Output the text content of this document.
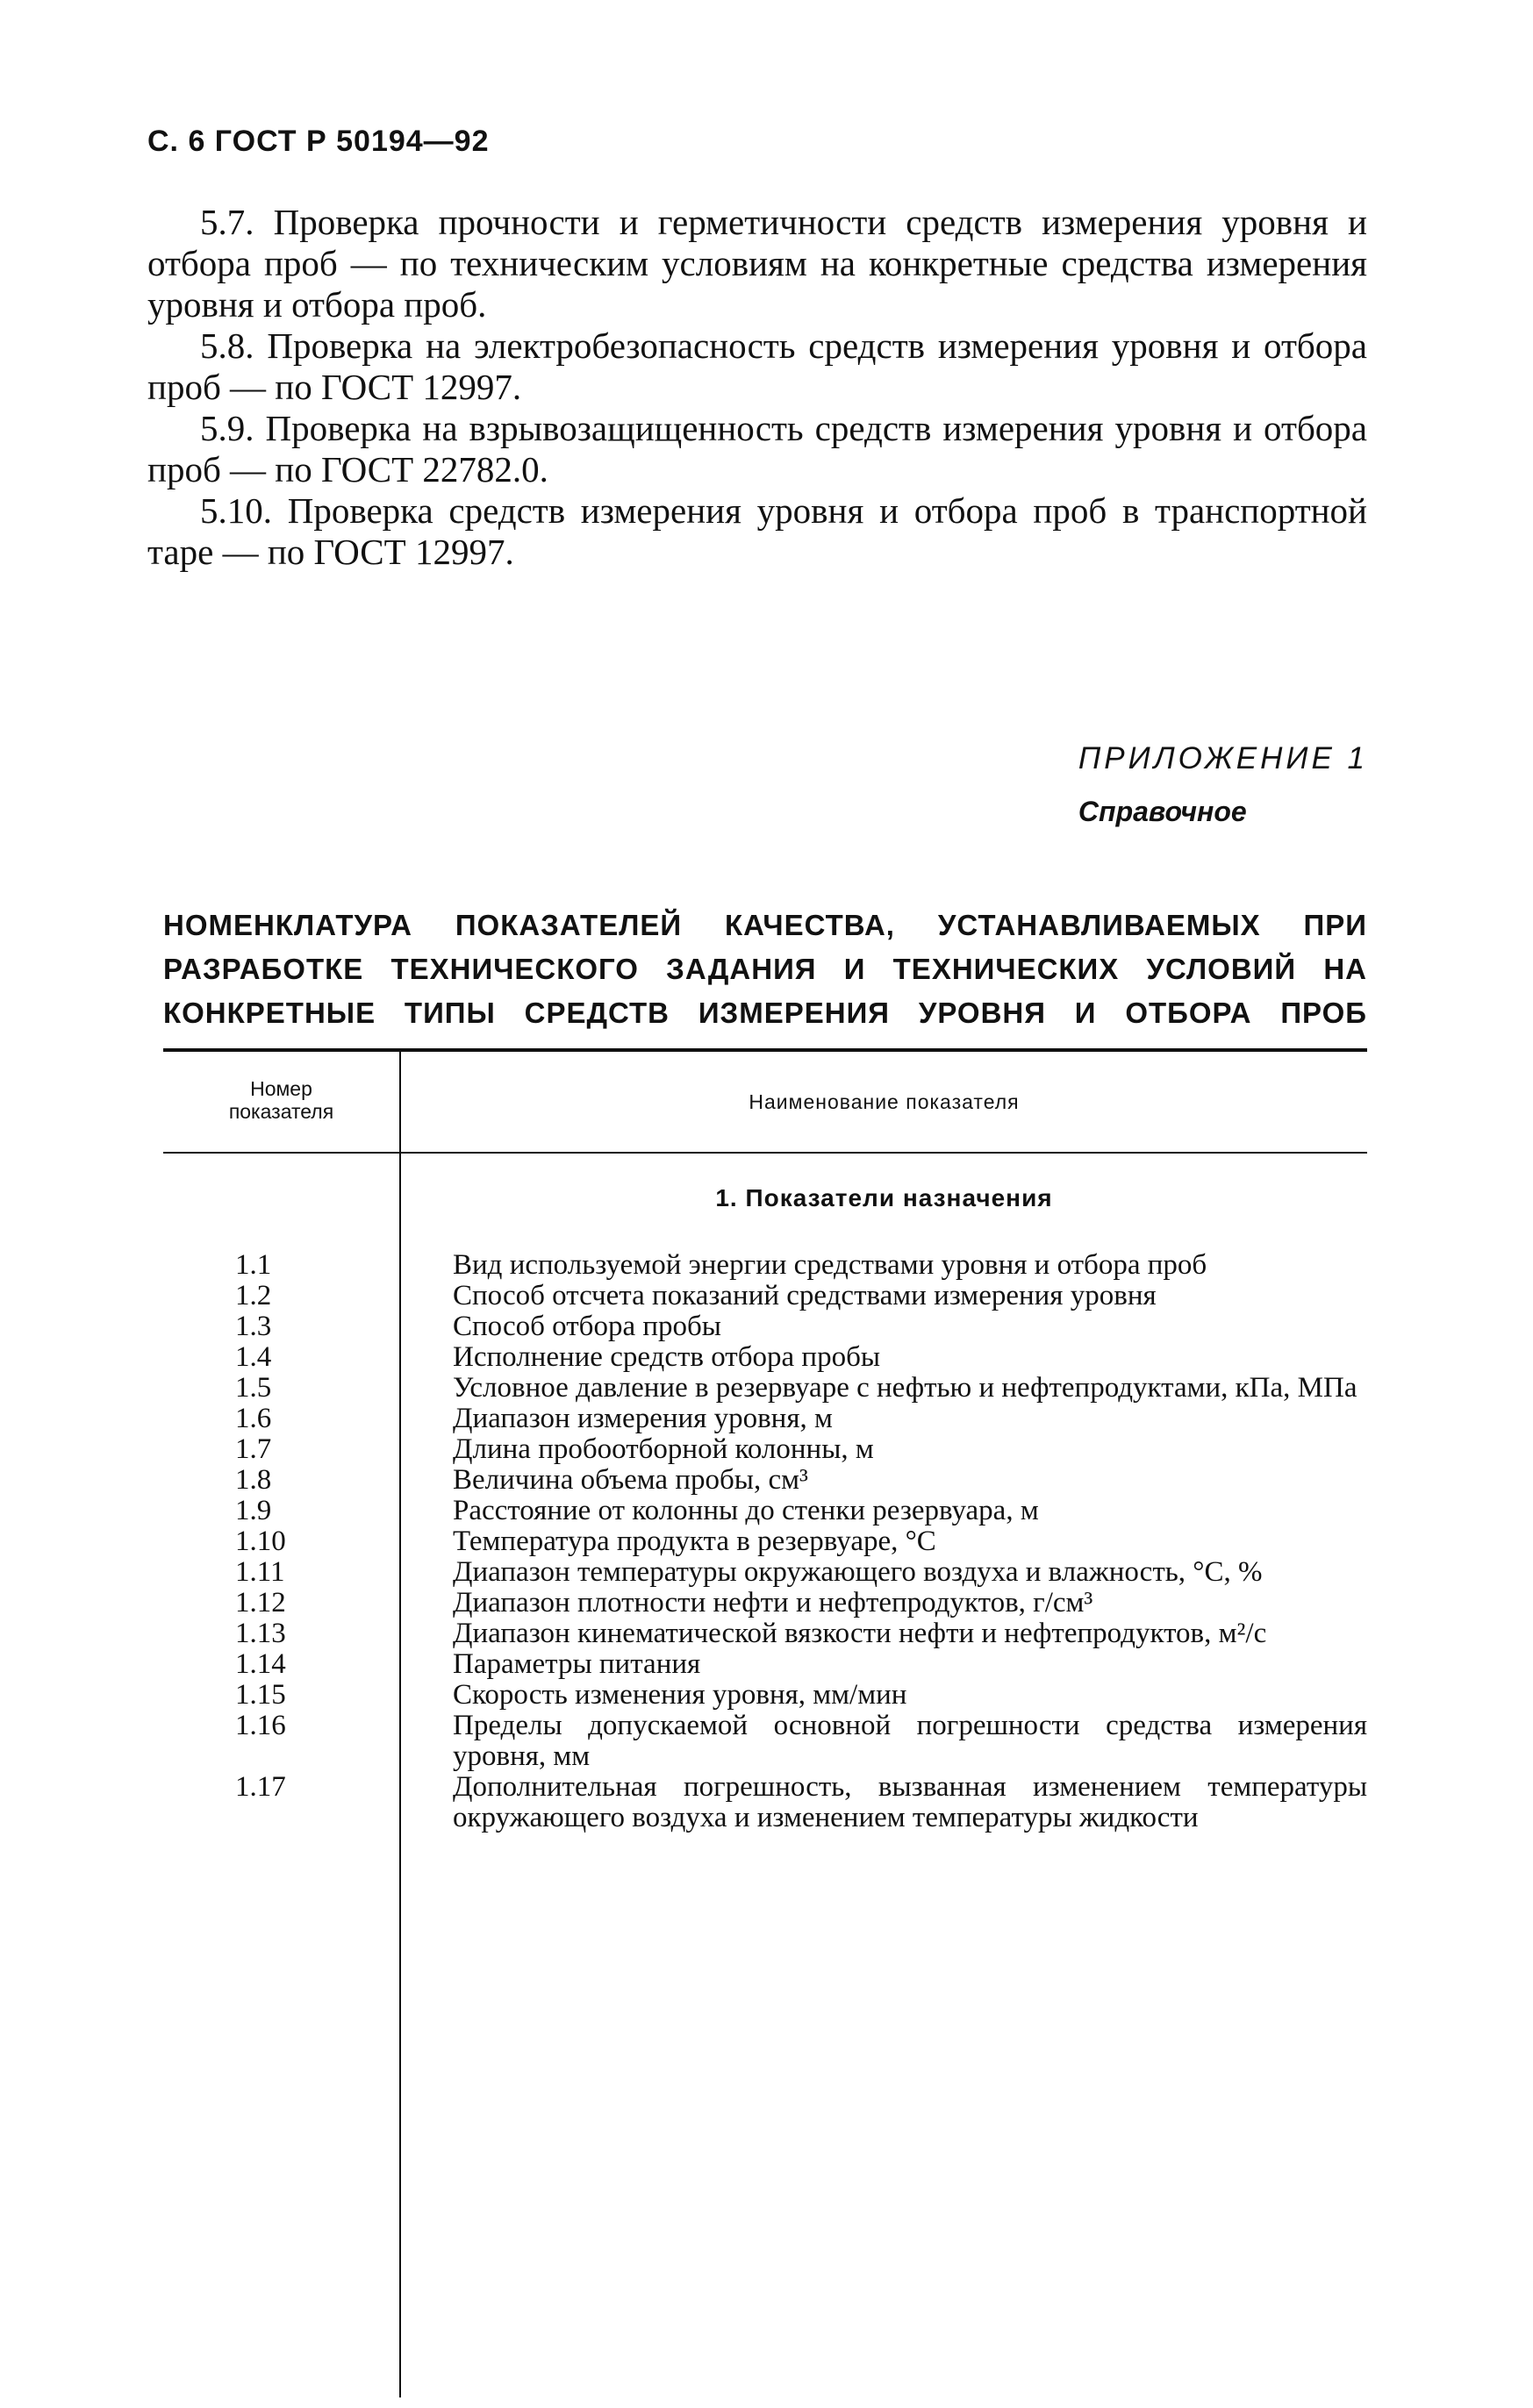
С. 6 ГОСТ Р 50194—92

5.7. Проверка прочности и герметичности средств измерения уровня и отбора проб — по техническим условиям на конкретные средства измерения уровня и отбора проб.

5.8. Проверка на электробезопасность средств измерения уровня и отбора проб — по ГОСТ 12997.

5.9. Проверка на взрывозащищенность средств измерения уровня и отбора проб — по ГОСТ 22782.0.

5.10. Проверка средств измерения уровня и отбора проб в транспортной таре — по ГОСТ 12997.

ПРИЛОЖЕНИЕ 1
Справочное
НОМЕНКЛАТУРА ПОКАЗАТЕЛЕЙ КАЧЕСТВА, УСТАНАВЛИВАЕМЫХ ПРИ РАЗРАБОТКЕ ТЕХНИЧЕСКОГО ЗАДАНИЯ И ТЕХНИЧЕСКИХ УСЛОВИЙ НА КОНКРЕТНЫЕ ТИПЫ СРЕДСТВ ИЗМЕРЕНИЯ УРОВНЯ И ОТБОРА ПРОБ
Номер
показателя	Наименование показателя
1. Показатели назначения
1.1	Вид используемой энергии средствами уровня и отбора проб
1.2	Способ отсчета показаний средствами измерения уровня
1.3	Способ отбора пробы
1.4	Исполнение средств отбора пробы
1.5	Условное давление в резервуаре с нефтью и нефтепродуктами, кПа, МПа
1.6	Диапазон измерения уровня, м
1.7	Длина пробоотборной колонны, м
1.8	Величина объема пробы, см³
1.9	Расстояние от колонны до стенки резервуара, м
1.10	Температура продукта в резервуаре, °С
1.11	Диапазон температуры окружающего воздуха и влажность, °С, %
1.12	Диапазон плотности нефти и нефтепродуктов, г/см³
1.13	Диапазон кинематической вязкости нефти и нефтепродуктов, м²/с
1.14	Параметры питания
1.15	Скорость изменения уровня, мм/мин
1.16	Пределы допускаемой основной погрешности средства измерения уровня, мм
1.17	Дополнительная погрешность, вызванная изменением температуры окружающего воздуха и изменением температуры жидкости
